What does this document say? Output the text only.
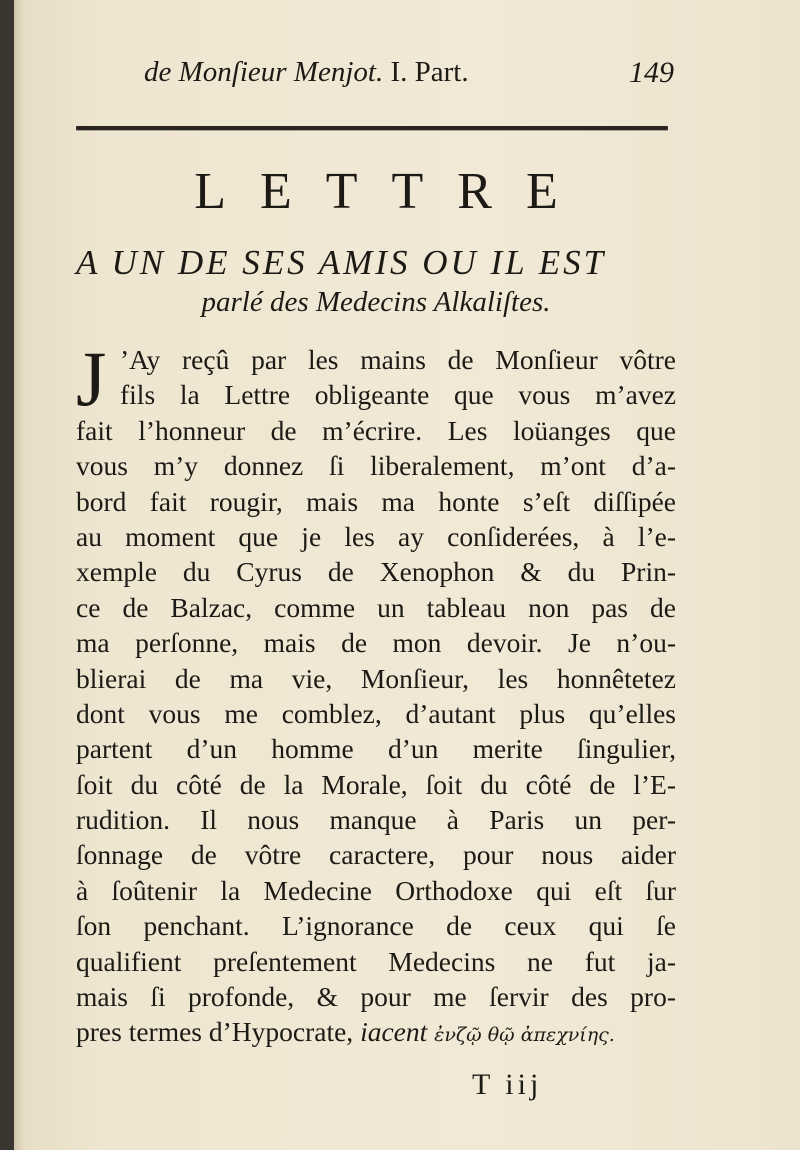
de Monſieur Menjot. I. Part.	149
LETTRE
A UN DE SES AMIS OU IL EST
parlé des Medecins Alkaliſtes.
J ’Ay reçû par les mains de Monſieur vôtre
fils la Lettre obligeante que vous m’avez
fait l’honneur de m’écrire. Les loüanges que
vous m’y donnez ſi liberalement, m’ont d’a-
bord fait rougir, mais ma honte s’eſt diſſipée
au moment que je les ay conſiderées, à l’e-
xemple du Cyrus de Xenophon & du Prin-
ce de Balzac, comme un tableau non pas de
ma perſonne, mais de mon devoir. Je n’ou-
blierai de ma vie, Monſieur, les honnêtetez
dont vous me comblez, d’autant plus qu’elles
partent d’un homme d’un merite ſingulier,
ſoit du côté de la Morale, ſoit du côté de l’E-
rudition. Il nous manque à Paris un per-
ſonnage de vôtre caractere, pour nous aider
à ſoûtenir la Medecine Orthodoxe qui eſt ſur
ſon penchant. L’ignorance de ceux qui ſe
qualifient preſentement Medecins ne fut ja-
mais ſi profonde, & pour me ſervir des pro-
pres termes d’Hypocrate, iacent ἐνζῷ θῷ ἀπεχνίης.
T iij
